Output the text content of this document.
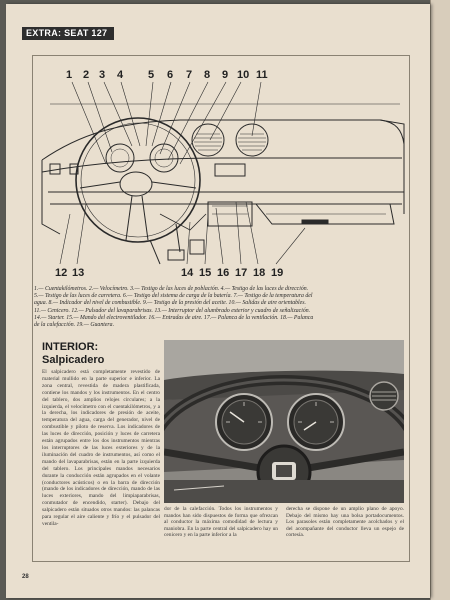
EXTRA: SEAT 127
1 2 3 4 5 6 7 8 9 10 11
12 13	14 15 16 17 18 19
1.— Cuentakilómetros. 2.— Velocímetro. 3.— Testigo de las luces de población. 4.— Testigo de las luces de dirección.
5.— Testigo de las luces de carretera. 6.— Testigo del sistema de carga de la batería. 7.— Testigo de la temperatura del
agua. 8.— Indicador del nivel de combustible. 9.— Testigo de la presión del aceite. 10.— Salidas de aire orientables.
11.— Cenicero. 12.— Pulsador del lavaparabrisas. 13.— Interruptor del alumbrado exterior y cuadro de señalización.
14.— Starter. 15.— Mando del electroventilador. 16.— Entradas de aire. 17.— Palanca de la ventilación. 18.— Palanca
de la calefacción. 19.— Guantera.
INTERIOR:
Salpicadero
El salpicadero está completamente revestido de material mullido en la parte superior e inferior. La zona central, revestida de madera plastificada, contiene los mandos y los instrumentos. En el centro del tablero, dos amplios relojes circulares; a la izquierda, el velocímetro con el cuentakilómetros, y a la derecha, los indicadores de presión de aceite, temperatura del agua, carga del generador, nivel de combustible y piloto de reserva. Los indicadores de las luces de dirección, posición y luces de carretera están agrupados entre los dos instrumentos mientras los interruptores de las luces exteriores y de la iluminación del cuadro de instrumentos, así como el mando del lavaparabrisas, están en la parte izquierda del tablero. Los principales mandos necesarios durante la conducción están agrupados en el volante (conductores acústicos) o en la barra de dirección (mando de los indicadores de dirección, mando de las luces exteriores, mando del limpiaparabrisas, conmutador de encendido, starter). Debajo del salpicadero están situados otros mandos: las palancas para regular el aire caliente y frío y el pulsador del ventila-
dor de la calefacción. Todos los instrumentos y mandos han sido dispuestos de forma que ofrezcan al conductor la máxima comodidad de lectura y maniobra. En la parte central del salpicadero hay un cenicero y en la parte inferior a la
derecha se dispone de un amplio plano de apoyo. Debajo del mismo hay una bolsa portadocumentos. Los parasoles están completamente acolchados y el del acompañante del conductor lleva un espejo de cortesía.
28
